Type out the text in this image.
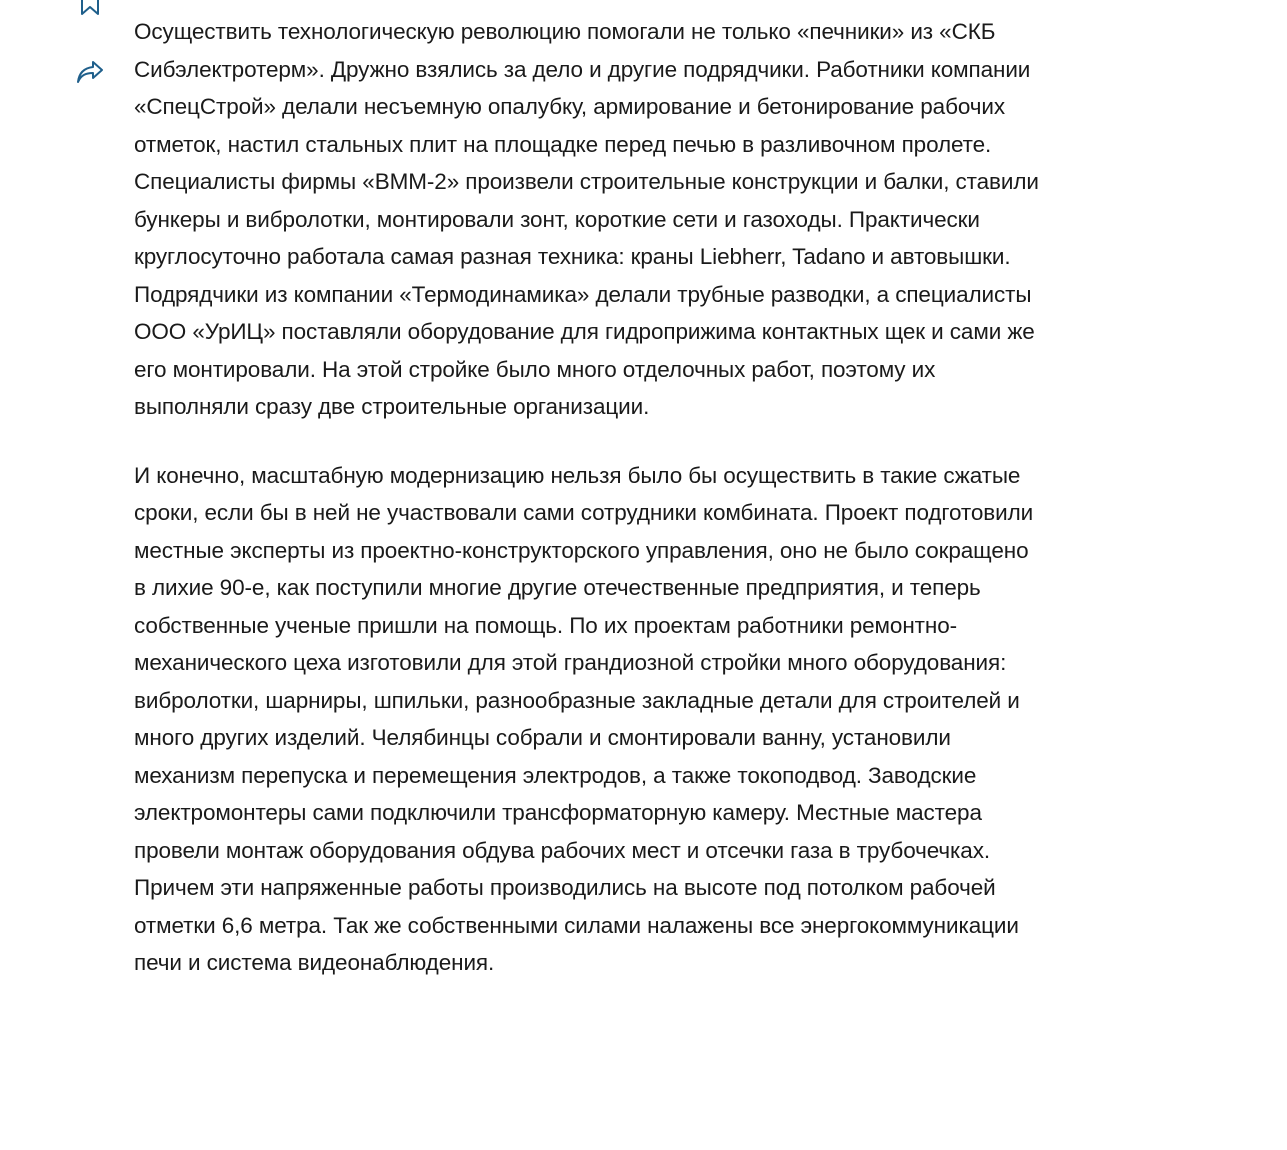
Осуществить технологическую революцию помогали не только «печники» из «СКБ Сибэлектротерм». Дружно взялись за дело и другие подрядчики. Работники компании «СпецСтрой» делали несъемную опалубку, армирование и бетонирование рабочих отметок, настил стальных плит на площадке перед печью в разливочном пролете. Специалисты фирмы «ВММ-2» произвели строительные конструкции и балки, ставили бункеры и вибролотки, монтировали зонт, короткие сети и газоходы. Практически круглосуточно работала самая разная техника: краны Liebherr, Tadano и автовышки. Подрядчики из компании «Термодинамика» делали трубные разводки, а специалисты ООО «УрИЦ» поставляли оборудование для гидроприжима контактных щек и сами же его монтировали. На этой стройке было много отделочных работ, поэтому их выполняли сразу две строительные организации.

И конечно, масштабную модернизацию нельзя было бы осуществить в такие сжатые сроки, если бы в ней не участвовали сами сотрудники комбината. Проект подготовили местные эксперты из проектно-конструкторского управления, оно не было сокращено в лихие 90-е, как поступили многие другие отечественные предприятия, и теперь собственные ученые пришли на помощь. По их проектам работники ремонтно-механического цеха изготовили для этой грандиозной стройки много оборудования: вибролотки, шарниры, шпильки, разнообразные закладные детали для строителей и много других изделий. Челябинцы собрали и смонтировали ванну, установили механизм перепуска и перемещения электродов, а также токоподвод. Заводские электромонтеры сами подключили трансформаторную камеру. Местные мастера провели монтаж оборудования обдува рабочих мест и отсечки газа в трубочечках. Причем эти напряженные работы производились на высоте под потолком рабочей отметки 6,6 метра. Так же собственными силами налажены все энергокоммуникации печи и система видеонаблюдения.
